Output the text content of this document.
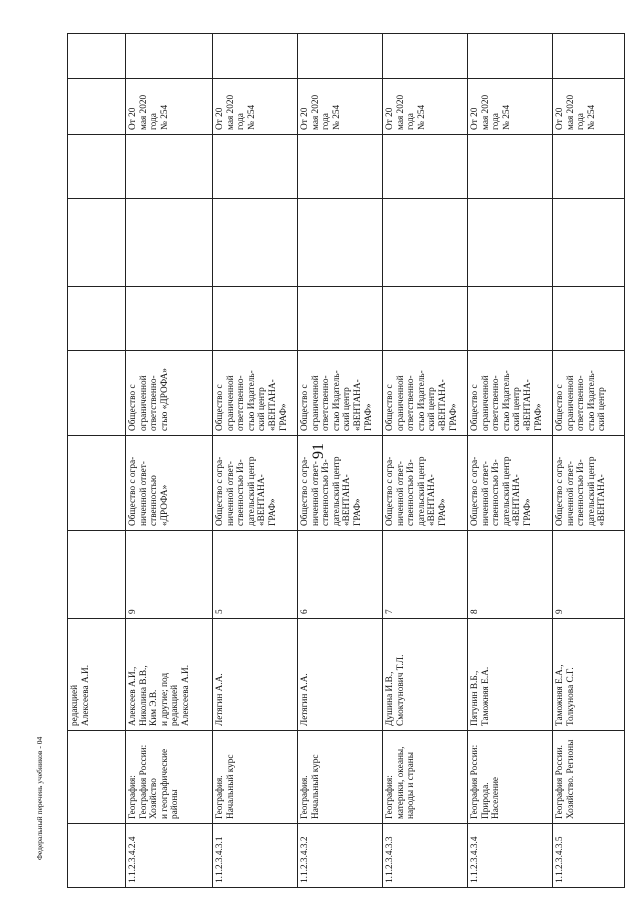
91
Федеральный перечень учебников - 04
редакцией
Алексеева А.И.
1.1.2.3.4.2.4
География:
География России:
Хозяйство
и географические
районы
Алексеев А.И.,
Николина В.В.,
Ким Э.В.
и другие; под
редакцией
Алексеева А.И.
9
Общество с огра-
ниченной ответ-
ственностью
«ДРОФА»
Общество с
ограниченной
ответственно-
стью «ДРОФА»
От 20
мая 2020
года
№ 254
1.1.2.3.4.3.1
География.
Начальный курс
Летягин А.А.
5
Общество с огра-
ниченной ответ-
ственностью Из-
дательский центр
«ВЕНТАНА-
ГРАФ»
Общество с
ограниченной
ответственно-
стью Издатель-
ский центр
«ВЕНТАНА-
ГРАФ»
От 20
мая 2020
года
№ 254
1.1.2.3.4.3.2
География.
Начальный курс
Летягин А.А.
6
Общество с огра-
ниченной ответ-
ственностью Из-
дательский центр
«ВЕНТАНА-
ГРАФ»
Общество с
ограниченной
ответственно-
стью Издатель-
ский центр
«ВЕНТАНА-
ГРАФ»
От 20
мая 2020
года
№ 254
1.1.2.3.4.3.3
География:
материки, океаны,
народы и страны
Душина И.В.,
Смоктунович Т.Л.
7
Общество с огра-
ниченной ответ-
ственностью Из-
дательский центр
«ВЕНТАНА-
ГРАФ»
Общество с
ограниченной
ответственно-
стью Издатель-
ский центр
«ВЕНТАНА-
ГРАФ»
От 20
мая 2020
года
№ 254
1.1.2.3.4.3.4
География России:
Природа.
Население
Пятунин В.Б.,
Таможняя Е.А.
8
Общество с огра-
ниченной ответ-
ственностью Из-
дательский центр
«ВЕНТАНА-
ГРАФ»
Общество с
ограниченной
ответственно-
стью Издатель-
ский центр
«ВЕНТАНА-
ГРАФ»
От 20
мая 2020
года
№ 254
1.1.2.3.4.3.5
География России.
Хозяйство. Регионы
Таможняя Е.А.,
Толкунова С.Г.
9
Общество с огра-
ниченной ответ-
ственностью Из-
дательский центр
«ВЕНТАНА-
Общество с
ограниченной
ответственно-
стью Издатель-
ский центр
От 20
мая 2020
года
№ 254
